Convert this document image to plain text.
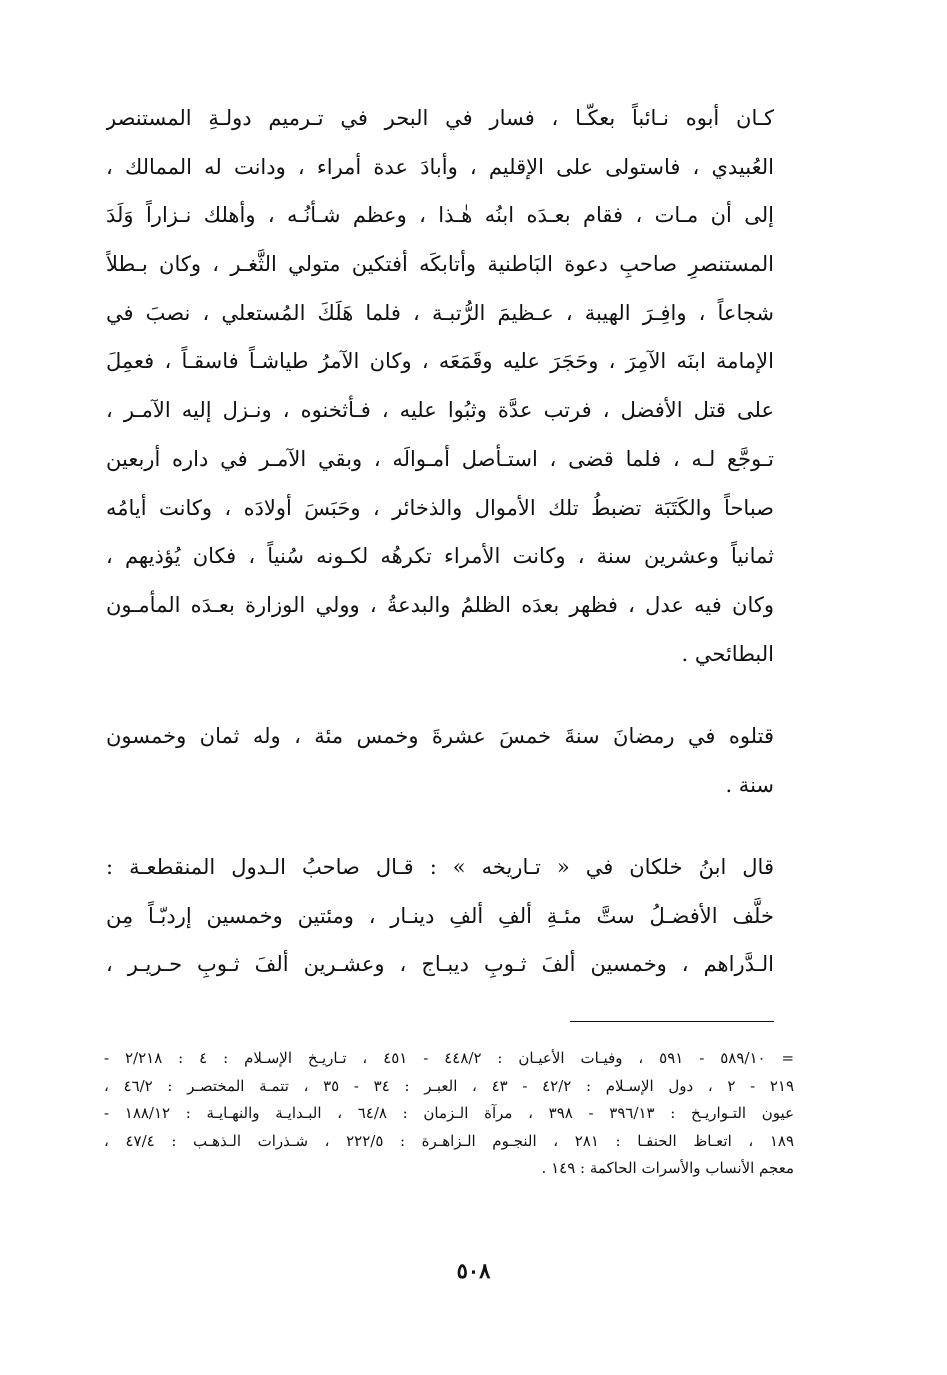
كـان أبوه نـائباً بعكّـا ، فسار في البحر في تـرميم دولـةِ المستنصر
العُبيدي ، فاستولى على الإقليم ، وأبادَ عدة أمراء ، ودانت له الممالك ،
إلى أن مـات ، فقام بعـدَه ابنُه هٰـذا ، وعظم شـأنُـه ، وأهلك نـزاراً وَلَدَ
المستنصرِ صاحبِ دعوة البَاطنية وأتابكَه أفتكين متولي الثَّغـر ، وكان بـطلاً
شجاعاً ، وافِـرَ الهيبة ، عـظيمَ الرُّتبـة ، فلما هَلَكَ المُستعلي ، نصبَ في
الإمامة ابنَه الآمِرَ ، وحَجَرَ عليه وقَمَعَه ، وكان الآمرُ طياشـاً فاسقـاً ، فعمِلَ
على قتل الأفضل ، فرتب عدَّة وثبُوا عليه ، فـأثخنوه ، ونـزل إليه الآمـر ،
تـوجَّع لـه ، فلما قضى ، استـأصل أمـوالَه ، وبقي الآمـر في داره أربعين
صباحاً والكَتَبَة تضبطُ تلك الأموال والذخائر ، وحَبَسَ أولادَه ، وكانت أيامُه
ثمانياً وعشرين سنة ، وكانت الأمراء تكرهُه لكـونه سُنياً ، فكان يُؤذيهم ،
وكان فيه عدل ، فظهر بعدَه الظلمُ والبدعةُ ، وولي الوزارة بعـدَه المأمـون
البطائحي .
قتلوه في رمضانَ سنةَ خمسَ عشرةَ وخمس مئة ، وله ثمان وخمسون
سنة .
قال ابنُ خلكان في « تـاريخه » : قـال صاحبُ الـدول المنقطعـة :
خلَّف الأفضـلُ ستَّ مئـةِ ألفِ ألفِ دينـار ، ومئتين وخمسين إردبّـاً مِن
الـدَّراهم ، وخمسين ألفَ ثـوبِ ديبـاج ، وعشـرين ألفَ ثـوبِ حـريـر ،
= ٥٨٩/١٠ - ٥٩١ ، وفيـات الأعيـان : ٤٤٨/٢ - ٤٥١ ، تـاريـخ الإسـلام : ٤ : ٢/٢١٨ -
٢١٩ - ٢ ، دول الإسـلام : ٤٢/٢ - ٤٣ ، العبـر : ٣٤ - ٣٥ ، تتمـة المختصـر : ٤٦/٢ ،
عيون التـواريـخ : ٣٩٦/١٣ - ٣٩٨ ، مرآة الـزمان : ٦٤/٨ ، البـدايـة والنهـايـة : ١٨٨/١٢ -
١٨٩ ، اتعـاظ الحنفـا : ٢٨١ ، النجـوم الـزاهـرة : ٢٢٢/٥ ، شـذرات الـذهـب : ٤٧/٤ ،
معجم الأنساب والأسرات الحاكمة : ١٤٩ .
٥٠٨
